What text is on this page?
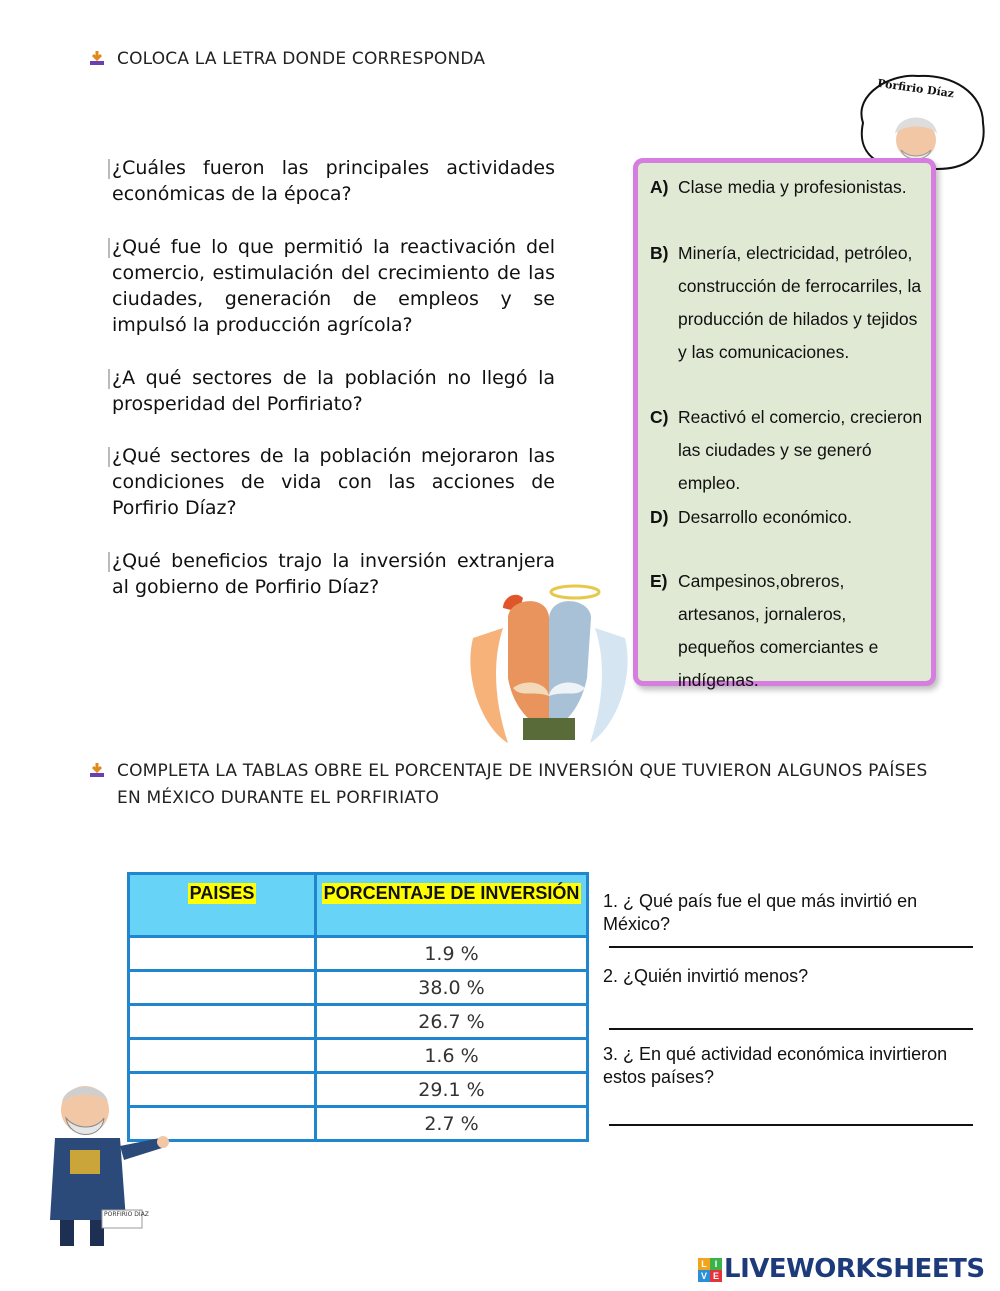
COLOCA LA LETRA DONDE CORRESPONDA
Porfirio Díaz
¿Cuáles fueron las principales actividades económicas de la época?
¿Qué fue lo que permitió la reactivación del comercio, estimulación del crecimiento de las ciudades, generación de empleos y se impulsó la producción agrícola?
¿A qué sectores de la población no llegó la prosperidad del Porfiriato?
¿Qué sectores de la población mejoraron las condiciones de vida con las acciones de Porfirio Díaz?
¿Qué beneficios trajo la inversión extranjera al gobierno de Porfirio Díaz?
A) Clase media y profesionistas.
B) Minería, electricidad, petróleo, construcción de ferrocarriles, la producción de hilados y tejidos y las comunicaciones.
C) Reactivó el comercio, crecieron las ciudades y se generó empleo.
D) Desarrollo económico.
E) Campesinos,obreros, artesanos, jornaleros, pequeños comerciantes e indígenas.
COMPLETA LA TABLAS OBRE EL PORCENTAJE DE INVERSIÓN QUE TUVIERON ALGUNOS PAÍSES EN MÉXICO DURANTE EL PORFIRIATO
PAISES	PORCENTAJE DE INVERSIÓN
	1.9 %
	38.0 %
	26.7 %
	1.6 %
	29.1 %
	2.7 %
1. ¿ Qué país fue el que más invirtió en México?
2. ¿Quién invirtió menos?
3. ¿ En qué actividad económica invirtieron estos países?
PORFIRIO DÍAZ
L I
V E LIVEWORKSHEETS
